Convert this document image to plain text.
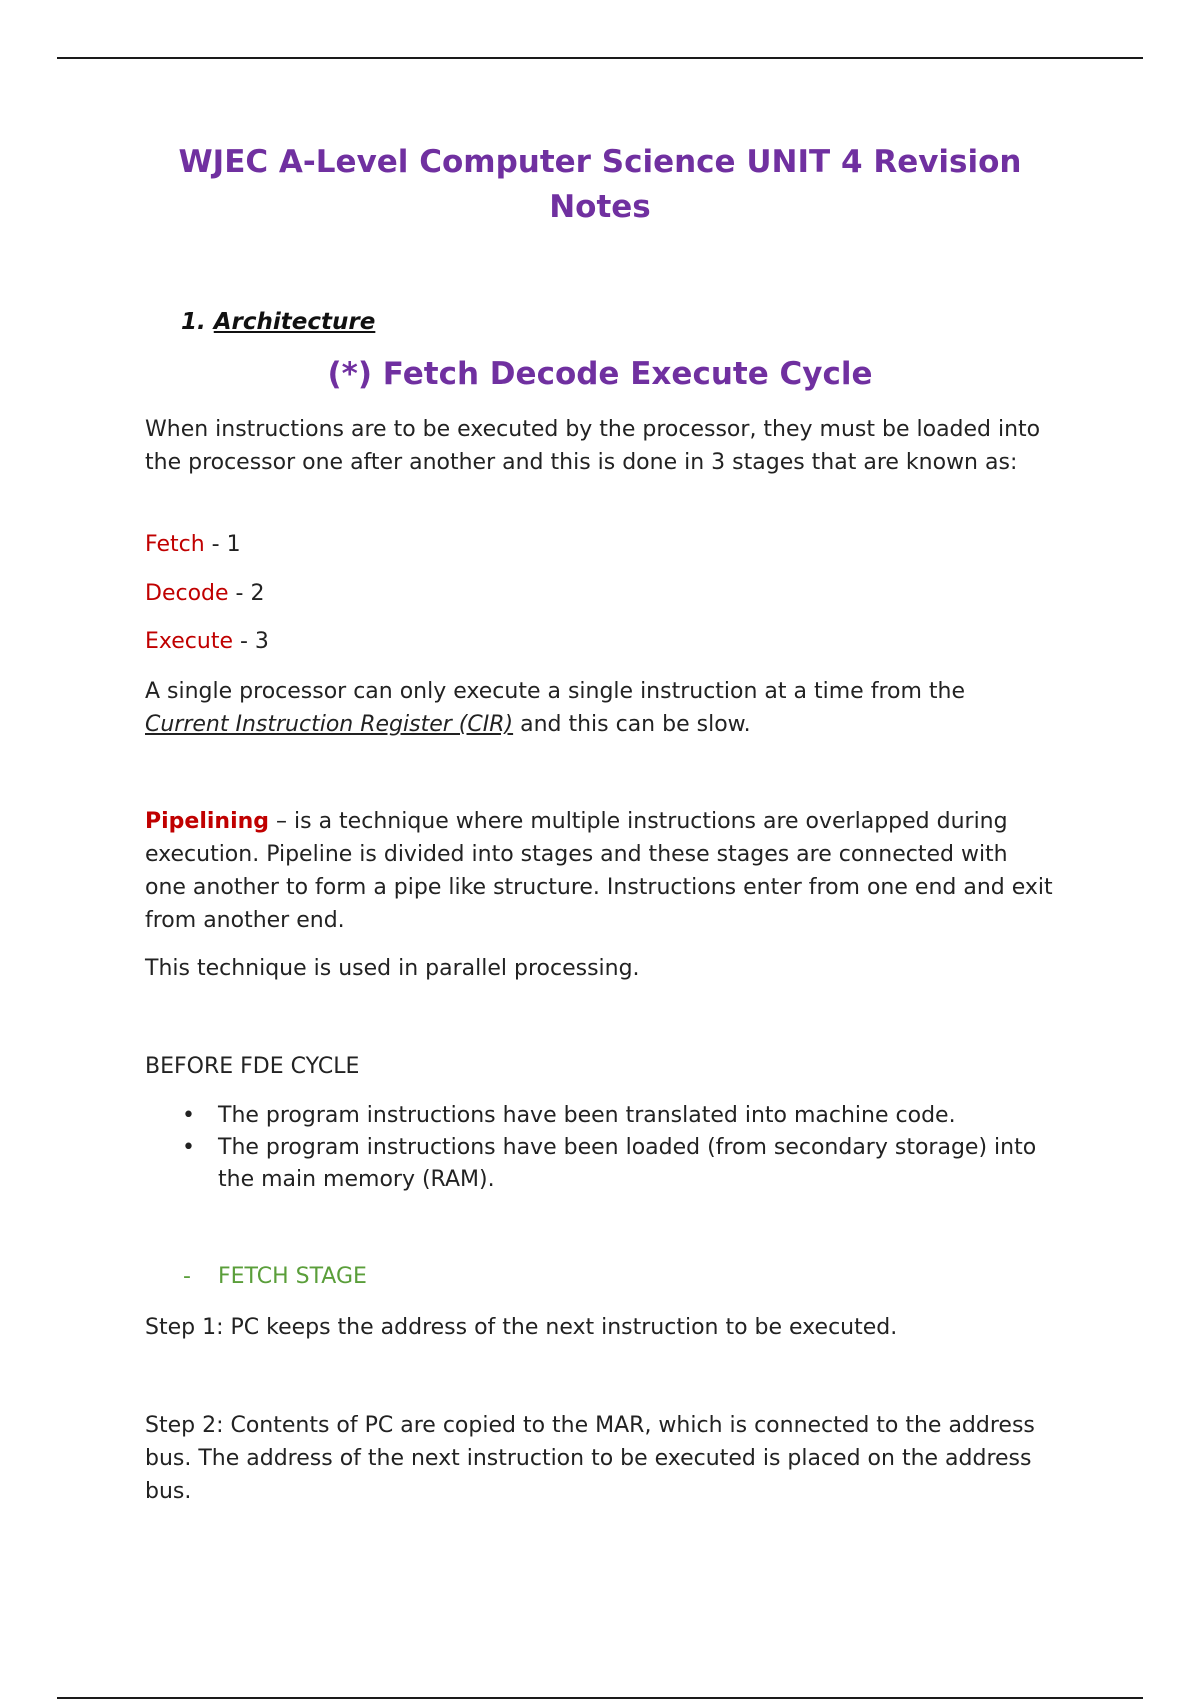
WJEC A-Level Computer Science UNIT 4 Revision
Notes
1. Architecture
(*) Fetch Decode Execute Cycle

When instructions are to be executed by the processor, they must be loaded into the processor one after another and this is done in 3 stages that are known as:

Fetch - 1

Decode - 2

Execute - 3

A single processor can only execute a single instruction at a time from the Current Instruction Register (CIR) and this can be slow.

Pipelining – is a technique where multiple instructions are overlapped during execution. Pipeline is divided into stages and these stages are connected with one another to form a pipe like structure. Instructions enter from one end and exit from another end.

This technique is used in parallel processing.

BEFORE FDE CYCLE

• The program instructions have been translated into machine code.
• The program instructions have been loaded (from secondary storage) into the main memory (RAM).
- FETCH STAGE

Step 1: PC keeps the address of the next instruction to be executed.

Step 2: Contents of PC are copied to the MAR, which is connected to the address bus. The address of the next instruction to be executed is placed on the address bus.
